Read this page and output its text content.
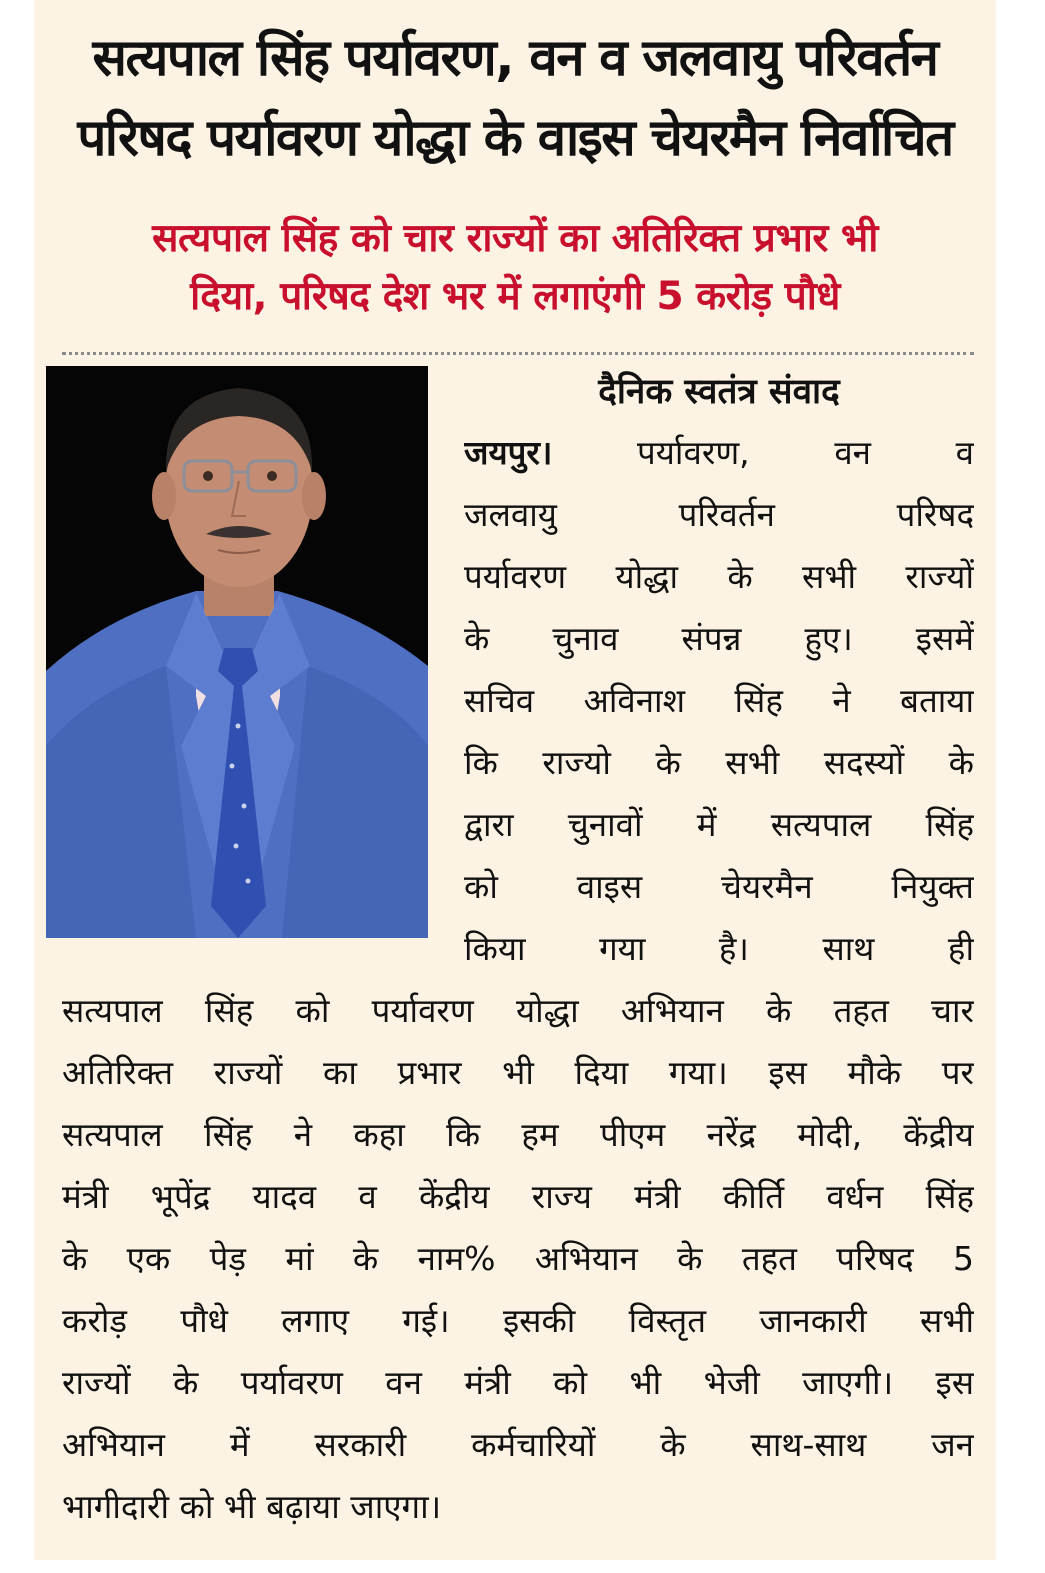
सत्यपाल सिंह पर्यावरण, वन व जलवायु परिवर्तन
परिषद पर्यावरण योद्धा के वाइस चेयरमैन निर्वाचित
सत्यपाल सिंह को चार राज्यों का अतिरिक्त प्रभार भी
दिया, परिषद देश भर में लगाएंगी 5 करोड़ पौधे
दैनिक स्वतंत्र संवाद

जयपुर। पर्यावरण, वन व

जलवायु परिवर्तन परिषद

पर्यावरण योद्धा के सभी राज्यों

के चुनाव संपन्न हुए। इसमें

सचिव अविनाश सिंह ने बताया

कि राज्यो के सभी सदस्यों के

द्वारा चुनावों में सत्यपाल सिंह

को वाइस चेयरमैन नियुक्त

किया गया है। साथ ही

सत्यपाल सिंह को पर्यावरण योद्धा अभियान के तहत चार

अतिरिक्त राज्यों का प्रभार भी दिया गया। इस मौके पर

सत्यपाल सिंह ने कहा कि हम पीएम नरेंद्र मोदी, केंद्रीय

मंत्री भूपेंद्र यादव व केंद्रीय राज्य मंत्री कीर्ति वर्धन सिंह

के एक पेड़ मां के नाम% अभियान के तहत परिषद 5

करोड़ पौधे लगाए गई। इसकी विस्तृत जानकारी सभी

राज्यों के पर्यावरण वन मंत्री को भी भेजी जाएगी। इस

अभियान में सरकारी कर्मचारियों के साथ-साथ जन

भागीदारी को भी बढ़ाया जाएगा।
